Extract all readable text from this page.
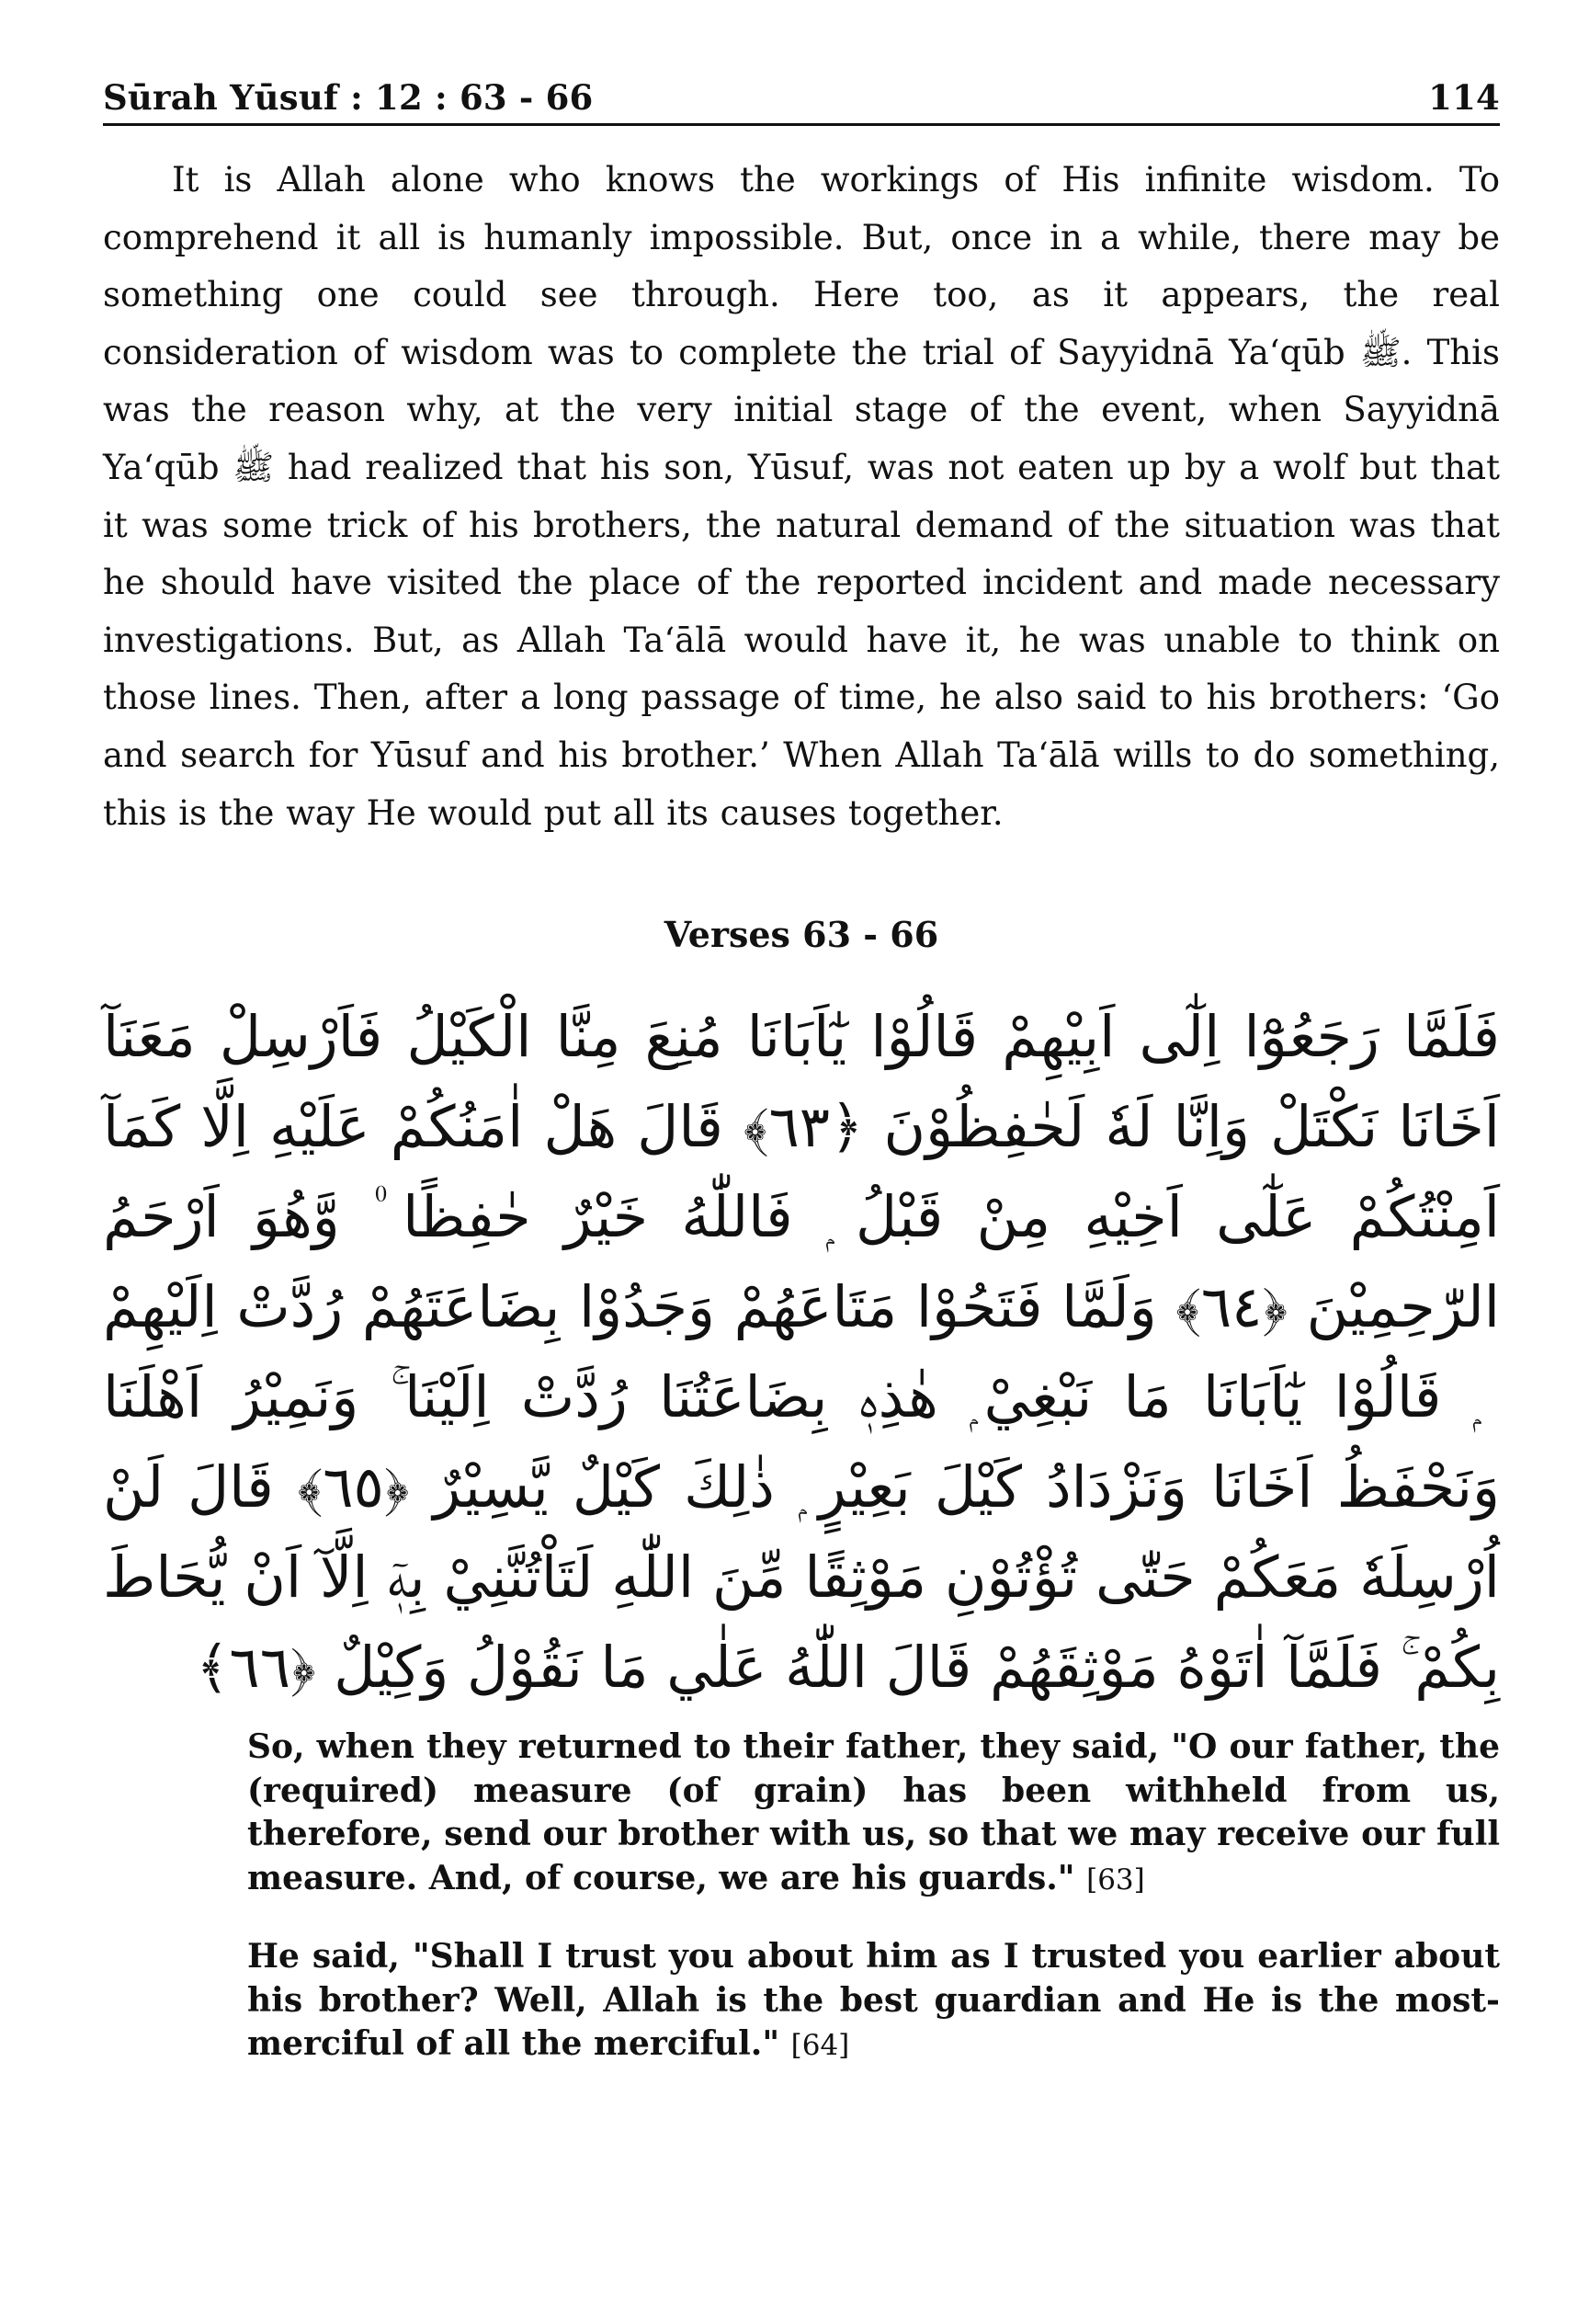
Sūrah Yūsuf : 12 : 63 - 66	114

It is Allah alone who knows the workings of His infinite wisdom. To comprehend it all is humanly impossible. But, once in a while, there may be something one could see through. Here too, as it appears, the real consideration of wisdom was to complete the trial of Sayyidnā Ya‘qūb ﷺ. This was the reason why, at the very initial stage of the event, when Sayyidnā Ya‘qūb ﷺ had realized that his son, Yūsuf, was not eaten up by a wolf but that it was some trick of his brothers, the natural demand of the situation was that he should have visited the place of the reported incident and made necessary investigations. But, as Allah Ta‘ālā would have it, he was unable to think on those lines. Then, after a long passage of time, he also said to his brothers: ‘Go and search for Yūsuf and his brother.’ When Allah Ta‘ālā wills to do something, this is the way He would put all its causes together.

Verses 63 - 66
فَلَمَّا رَجَعُوْٓا اِلٰٓى اَبِيْهِمْ قَالُوْا يٰٓاَبَانَا مُنِعَ مِنَّا الْكَيْلُ فَاَرْسِلْ مَعَنَآ اَخَانَا نَكْتَلْ وَاِنَّا لَهٗ لَحٰفِظُوْنَ ﴿٦٣﴾ قَالَ هَلْ اٰمَنُكُمْ عَلَيْهِ اِلَّا كَمَآ اَمِنْتُكُمْ عَلٰٓى اَخِيْهِ مِنْ قَبْلُ ۭ فَاللّٰهُ خَيْرٌ حٰفِظًا ۠ وَّهُوَ اَرْحَمُ الرّٰحِمِيْنَ ﴿٦٤﴾ وَلَمَّا فَتَحُوْا مَتَاعَهُمْ وَجَدُوْا بِضَاعَتَهُمْ رُدَّتْ اِلَيْهِمْ ۭ قَالُوْا يٰٓاَبَانَا مَا نَبْغِيْ ۭ هٰذِهٖ بِضَاعَتُنَا رُدَّتْ اِلَيْنَا ۚ وَنَمِيْرُ اَهْلَنَا وَنَحْفَظُ اَخَانَا وَنَزْدَادُ كَيْلَ بَعِيْرٍ ۭ ذٰلِكَ كَيْلٌ يَّسِيْرٌ ﴿٦٥﴾ قَالَ لَنْ اُرْسِلَهٗ مَعَكُمْ حَتّٰى تُؤْتُوْنِ مَوْثِقًا مِّنَ اللّٰهِ لَتَاْتُنَّنِيْ بِهٖٓ اِلَّآ اَنْ يُّحَاطَ بِكُمْ ۚ فَلَمَّآ اٰتَوْهُ مَوْثِقَهُمْ قَالَ اللّٰهُ عَلٰي مَا نَقُوْلُ وَكِيْلٌ ﴿٦٦﴾

So, when they returned to their father, they said, "O our father, the (required) measure (of grain) has been withheld from us, therefore, send our brother with us, so that we may receive our full measure. And, of course, we are his guards." [63]

He said, "Shall I trust you about him as I trusted you earlier about his brother? Well, Allah is the best guardian and He is the most-merciful of all the merciful." [64]
